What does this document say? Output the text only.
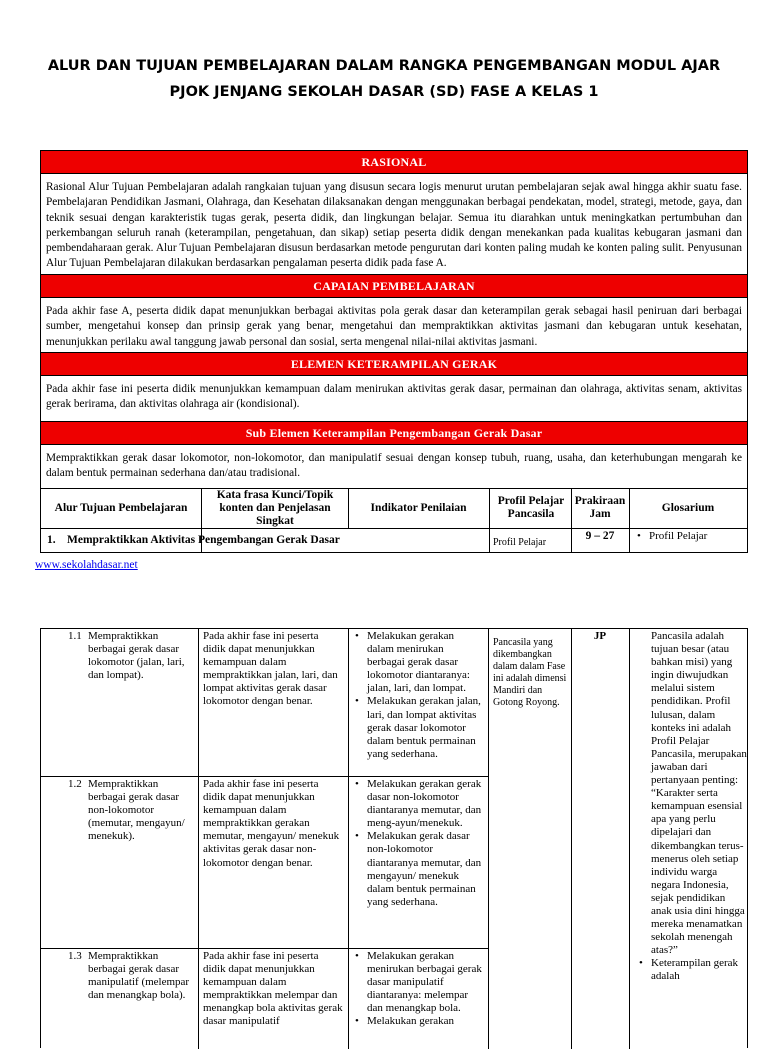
ALUR DAN TUJUAN PEMBELAJARAN DALAM RANGKA PENGEMBANGAN MODUL AJAR
PJOK JENJANG SEKOLAH DASAR (SD) FASE A KELAS 1
RASIONAL
Rasional Alur Tujuan Pembelajaran adalah rangkaian tujuan yang disusun secara logis menurut urutan pembelajaran sejak awal hingga akhir suatu fase. Pembelajaran Pendidikan Jasmani, Olahraga, dan Kesehatan dilaksanakan dengan menggunakan berbagai pendekatan, model, strategi, metode, gaya, dan teknik sesuai dengan karakteristik tugas gerak, peserta didik, dan lingkungan belajar. Semua itu diarahkan untuk meningkatkan pertumbuhan dan perkembangan seluruh ranah (keterampilan, pengetahuan, dan sikap) setiap peserta didik dengan menekankan pada kualitas kebugaran jasmani dan pembendaharaan gerak. Alur Tujuan Pembelajaran disusun berdasarkan metode pengurutan dari konten paling mudah ke konten paling sulit. Penyusunan Alur Tujuan Pembelajaran dilakukan berdasarkan pengalaman peserta didik pada fase A.
CAPAIAN PEMBELAJARAN
Pada akhir fase A, peserta didik dapat menunjukkan berbagai aktivitas pola gerak dasar dan keterampilan gerak sebagai hasil peniruan dari berbagai sumber, mengetahui konsep dan prinsip gerak yang benar, mengetahui dan mempraktikkan aktivitas jasmani dan kebugaran untuk kesehatan, menunjukkan perilaku awal tanggung jawab personal dan sosial, serta mengenal nilai-nilai aktivitas jasmani.
ELEMEN KETERAMPILAN GERAK
Pada akhir fase ini peserta didik menunjukkan kemampuan dalam menirukan aktivitas gerak dasar, permainan dan olahraga, aktivitas senam, aktivitas gerak berirama, dan aktivitas olahraga air (kondisional).
Sub Elemen Keterampilan Pengembangan Gerak Dasar
Mempraktikkan gerak dasar lokomotor, non-lokomotor, dan manipulatif sesuai dengan konsep tubuh, ruang, usaha, dan keterhubungan mengarah ke dalam bentuk permainan sederhana dan/atau tradisional.
Alur Tujuan Pembelajaran
Kata frasa Kunci/Topik konten dan Penjelasan Singkat
Indikator Penilaian
Profil Pelajar Pancasila
Prakiraan Jam	Glosarium
1. Mempraktikkan Aktivitas Pengembangan Gerak Dasar	Profil Pelajar
9 – 27
•	Profil Pelajar
www.sekolahdasar.net
1.1 Mempraktikkan berbagai gerak dasar lokomotor (jalan, lari, dan lompat).
Pada akhir fase ini peserta didik dapat menunjukkan kemampuan dalam mempraktikkan jalan, lari, dan lompat aktivitas gerak dasar lokomotor dengan benar.
• Melakukan gerakan dalam menirukan berbagai gerak dasar lokomotor diantaranya: jalan, lari, dan lompat.
• Melakukan gerakan jalan, lari, dan lompat aktivitas gerak dasar lokomotor dalam bentuk permainan yang sederhana.
1.2 Mempraktikkan berbagai gerak dasar non-lokomotor (memutar, mengayun/ menekuk).
Pada akhir fase ini peserta didik dapat menunjukkan kemampuan dalam mempraktikkan gerakan memutar, mengayun/ menekuk aktivitas gerak dasar non-lokomotor dengan benar.
• Melakukan gerakan gerak dasar non-lokomotor diantaranya memutar, dan meng-ayun/menekuk.
• Melakukan gerak dasar non-lokomotor diantaranya memutar, dan mengayun/ menekuk dalam bentuk permainan yang sederhana.
1.3 Mempraktikkan berbagai gerak dasar manipulatif (melempar dan menangkap bola).
Pada akhir fase ini peserta didik dapat menunjukkan kemampuan dalam mempraktikkan melempar dan menangkap bola aktivitas gerak dasar manipulatif
• Melakukan gerakan menirukan berbagai gerak dasar manipulatif diantaranya: melempar dan menangkap bola.
• Melakukan gerakan
Pancasila yang dikembangkan dalam dalam Fase ini adalah dimensi Mandiri dan Gotong Royong.
JP	Pancasila adalah tujuan besar (atau bahkan misi) yang ingin diwujudkan melalui sistem pendidikan. Profil lulusan, dalam konteks ini adalah Profil Pelajar Pancasila, merupakan jawaban dari pertanyaan penting: “Karakter serta kemampuan esensial apa yang perlu dipelajari dan dikembangkan terus-menerus oleh setiap individu warga negara Indonesia, sejak pendidikan anak usia dini hingga mereka menamatkan sekolah menengah atas?”
• Keterampilan gerak adalah
